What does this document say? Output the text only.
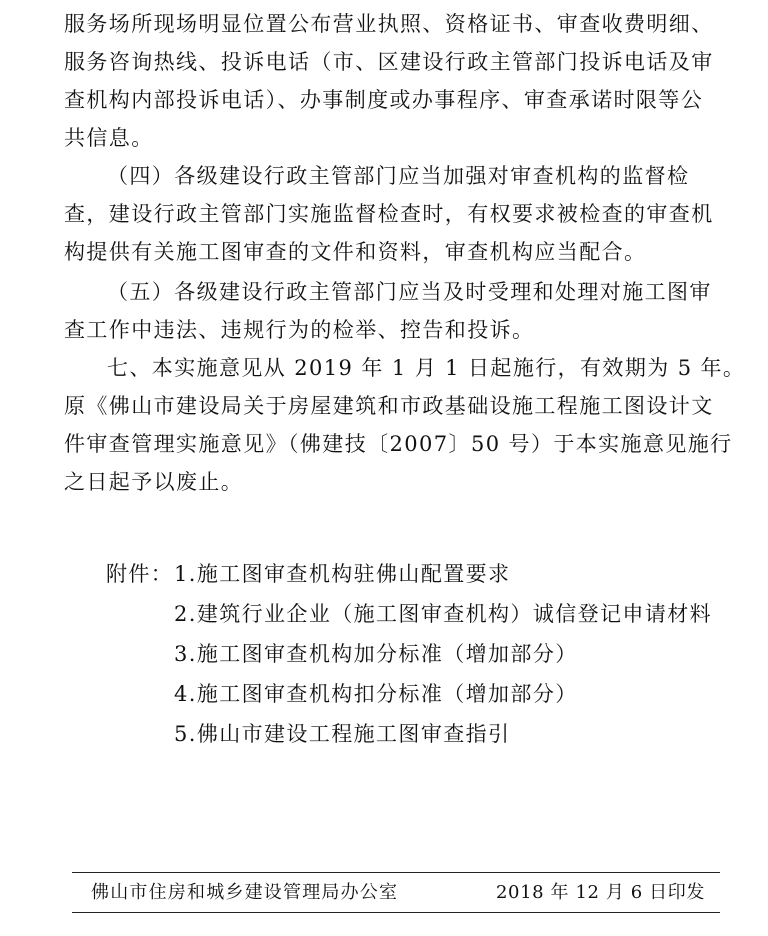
服务场所现场明显位置公布营业执照、资格证书、审查收费明细、
服务咨询热线、投诉电话（市、区建设行政主管部门投诉电话及审
查机构内部投诉电话）、办事制度或办事程序、审查承诺时限等公
共信息。
（四）各级建设行政主管部门应当加强对审查机构的监督检
查，建设行政主管部门实施监督检查时，有权要求被检查的审查机
构提供有关施工图审查的文件和资料，审查机构应当配合。
（五）各级建设行政主管部门应当及时受理和处理对施工图审
查工作中违法、违规行为的检举、控告和投诉。
七、本实施意见从 2019 年 1 月 1 日起施行，有效期为 5 年。
原《佛山市建设局关于房屋建筑和市政基础设施工程施工图设计文
件审查管理实施意见》（佛建技〔2007〕50 号）于本实施意见施行
之日起予以废止。
附件： 1.施工图审查机构驻佛山配置要求
2.建筑行业企业（施工图审查机构）诚信登记申请材料
3.施工图审查机构加分标准（增加部分）
4.施工图审查机构扣分标准（增加部分）
5.佛山市建设工程施工图审查指引
佛山市住房和城乡建设管理局办公室	2018 年 12 月 6 日印发
